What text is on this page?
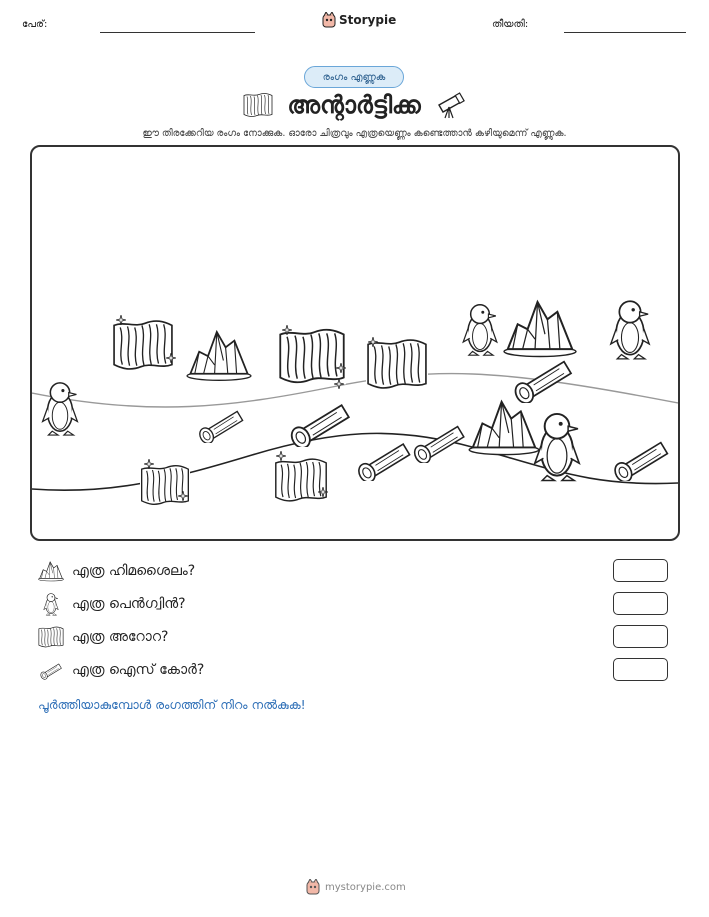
പേര്:	Storypie	തീയതി:
രംഗം എണ്ണുക
അന്റാർട്ടിക്ക
ഈ തിരക്കേറിയ രംഗം നോക്കുക. ഓരോ ചിത്രവും എത്രയെണ്ണം കണ്ടെത്താൻ കഴിയുമെന്ന് എണ്ണുക.
എത്ര ഹിമശൈലം?
എത്ര പെൻഗ്വിൻ?
എത്ര അറോറ?
എത്ര ഐസ് കോർ?
പൂർത്തിയാകുമ്പോൾ രംഗത്തിന് നിറം നൽകുക!
mystorypie.com
